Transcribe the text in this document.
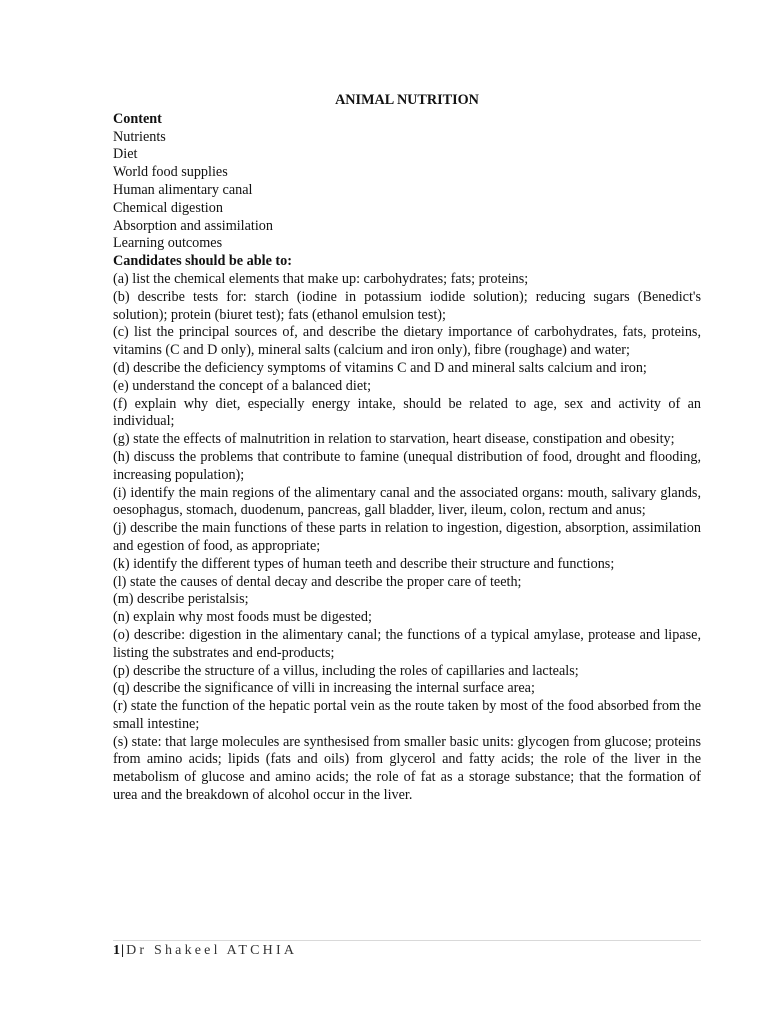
ANIMAL NUTRITION
Content
Nutrients
Diet
World food supplies
Human alimentary canal
Chemical digestion
Absorption and assimilation
Learning outcomes
Candidates should be able to:
(a) list the chemical elements that make up: carbohydrates; fats; proteins;
(b) describe tests for: starch (iodine in potassium iodide solution); reducing sugars (Benedict's solution); protein (biuret test); fats (ethanol emulsion test);
(c) list the principal sources of, and describe the dietary importance of carbohydrates, fats, proteins, vitamins (C and D only), mineral salts (calcium and iron only), fibre (roughage) and water;
(d) describe the deficiency symptoms of vitamins C and D and mineral salts calcium and iron;
(e) understand the concept of a balanced diet;
(f) explain why diet, especially energy intake, should be related to age, sex and activity of an individual;
(g) state the effects of malnutrition in relation to starvation, heart disease, constipation and obesity;
(h) discuss the problems that contribute to famine (unequal distribution of food, drought and flooding, increasing population);
(i) identify the main regions of the alimentary canal and the associated organs: mouth, salivary glands, oesophagus, stomach, duodenum, pancreas, gall bladder, liver, ileum, colon, rectum and anus;
(j) describe the main functions of these parts in relation to ingestion, digestion, absorption, assimilation and egestion of food, as appropriate;
(k) identify the different types of human teeth and describe their structure and functions;
(l) state the causes of dental decay and describe the proper care of teeth;
(m) describe peristalsis;
(n) explain why most foods must be digested;
(o) describe: digestion in the alimentary canal; the functions of a typical amylase, protease and lipase, listing the substrates and end-products;
(p) describe the structure of a villus, including the roles of capillaries and lacteals;
(q) describe the significance of villi in increasing the internal surface area;
(r) state the function of the hepatic portal vein as the route taken by most of the food absorbed from the small intestine;
(s) state: that large molecules are synthesised from smaller basic units: glycogen from glucose; proteins from amino acids; lipids (fats and oils) from glycerol and fatty acids; the role of the liver in the metabolism of glucose and amino acids; the role of fat as a storage substance; that the formation of urea and the breakdown of alcohol occur in the liver.
1| Dr Shakeel ATCHIA
